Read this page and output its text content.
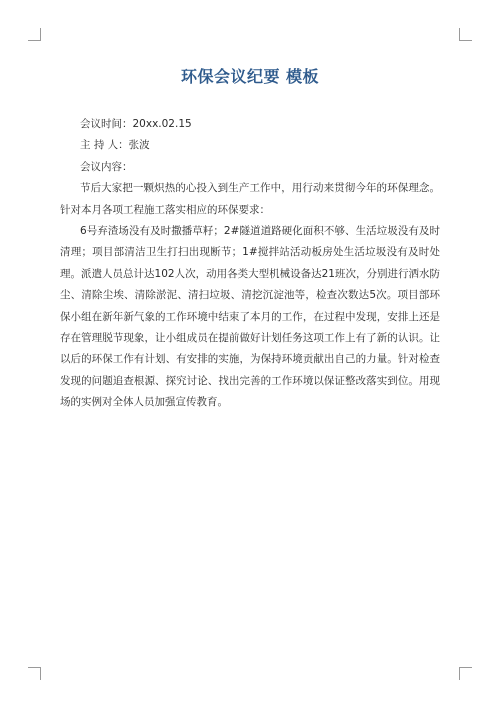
环保会议纪要 模板

会议时间：20xx.02.15

主 持 人：张波

会议内容：

节后大家把一颗炽热的心投入到生产工作中，用行动来贯彻今年的环保理念。针对本月各项工程施工落实相应的环保要求：

6号弃渣场没有及时撒播草籽；2#隧道道路硬化面积不够、生活垃圾没有及时清理；项目部清洁卫生打扫出现断节；1#搅拌站活动板房处生活垃圾没有及时处理。派遣人员总计达102人次，动用各类大型机械设备达21班次，分别进行洒水防尘、清除尘埃、清除淤泥、清扫垃圾、清挖沉淀池等，检查次数达5次。项目部环保小组在新年新气象的工作环境中结束了本月的工作，在过程中发现，安排上还是存在管理脱节现象，让小组成员在提前做好计划任务这项工作上有了新的认识。让以后的环保工作有计划、有安排的实施，为保持环境贡献出自己的力量。针对检查发现的问题追查根源、探究讨论、找出完善的工作环境以保证整改落实到位。用现场的实例对全体人员加强宣传教育。
